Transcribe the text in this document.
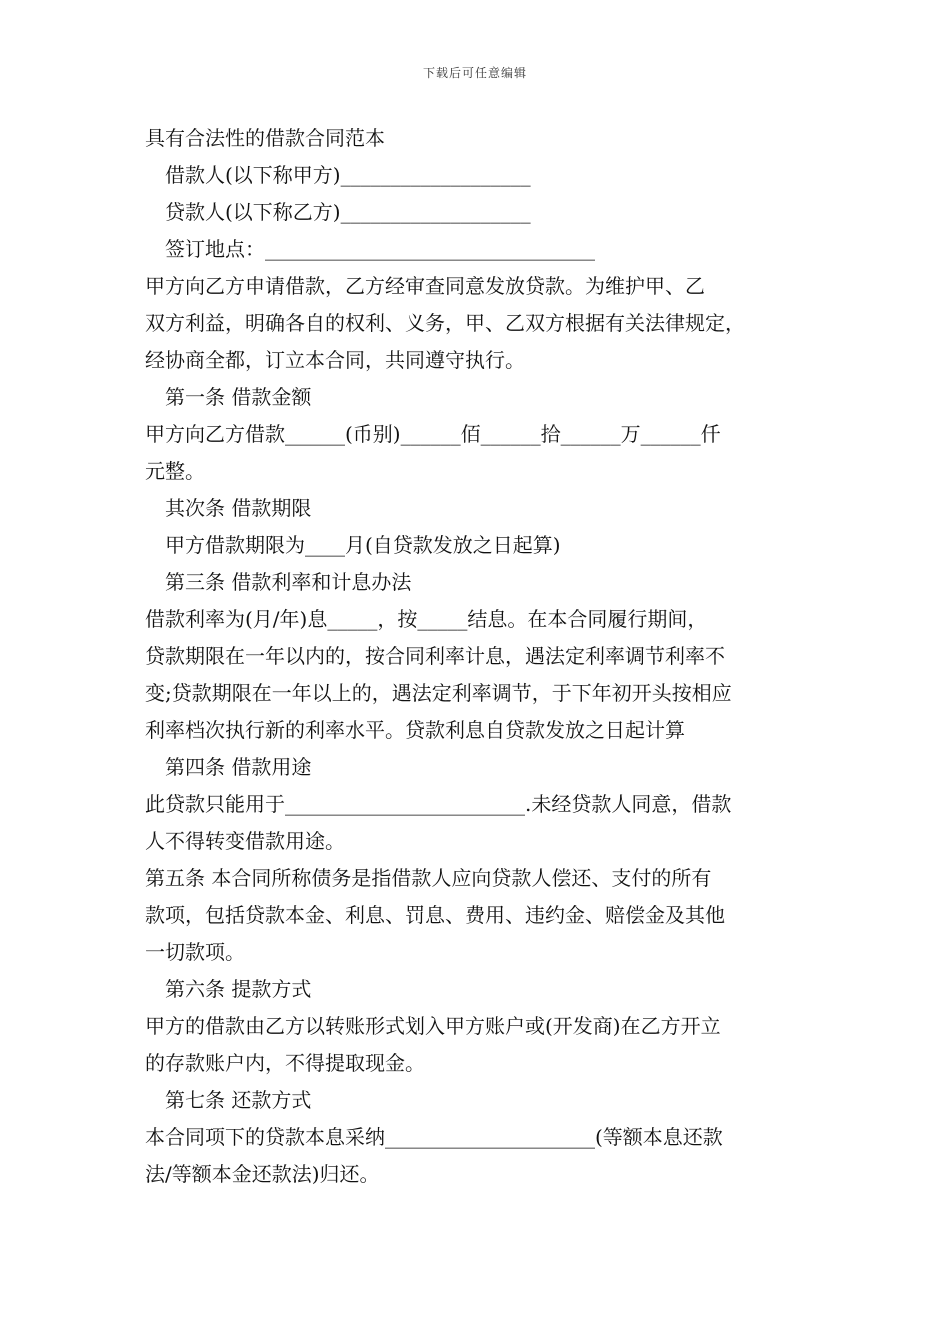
下载后可任意编辑

具有合法性的借款合同范本

借款人(以下称甲方)___________________

贷款人(以下称乙方)___________________

签订地点：_________________________________

甲方向乙方申请借款，乙方经审查同意发放贷款。为维护甲、乙
双方利益，明确各自的权利、义务，甲、乙双方根据有关法律规定，
经协商全都，订立本合同，共同遵守执行。

第一条 借款金额

甲方向乙方借款______(币别)______佰______拾______万______仟
元整。

其次条 借款期限

甲方借款期限为____月(自贷款发放之日起算)

第三条 借款利率和计息办法

借款利率为(月/年)息_____，按_____结息。在本合同履行期间，
贷款期限在一年以内的，按合同利率计息，遇法定利率调节利率不
变;贷款期限在一年以上的，遇法定利率调节，于下年初开头按相应
利率档次执行新的利率水平。贷款利息自贷款发放之日起计算

第四条 借款用途

此贷款只能用于________________________.未经贷款人同意，借款
人不得转变借款用途。

第五条 本合同所称债务是指借款人应向贷款人偿还、支付的所有
款项，包括贷款本金、利息、罚息、费用、违约金、赔偿金及其他
一切款项。

第六条 提款方式

甲方的借款由乙方以转账形式划入甲方账户或(开发商)在乙方开立
的存款账户内，不得提取现金。

第七条 还款方式

本合同项下的贷款本息采纳_____________________(等额本息还款
法/等额本金还款法)归还。
